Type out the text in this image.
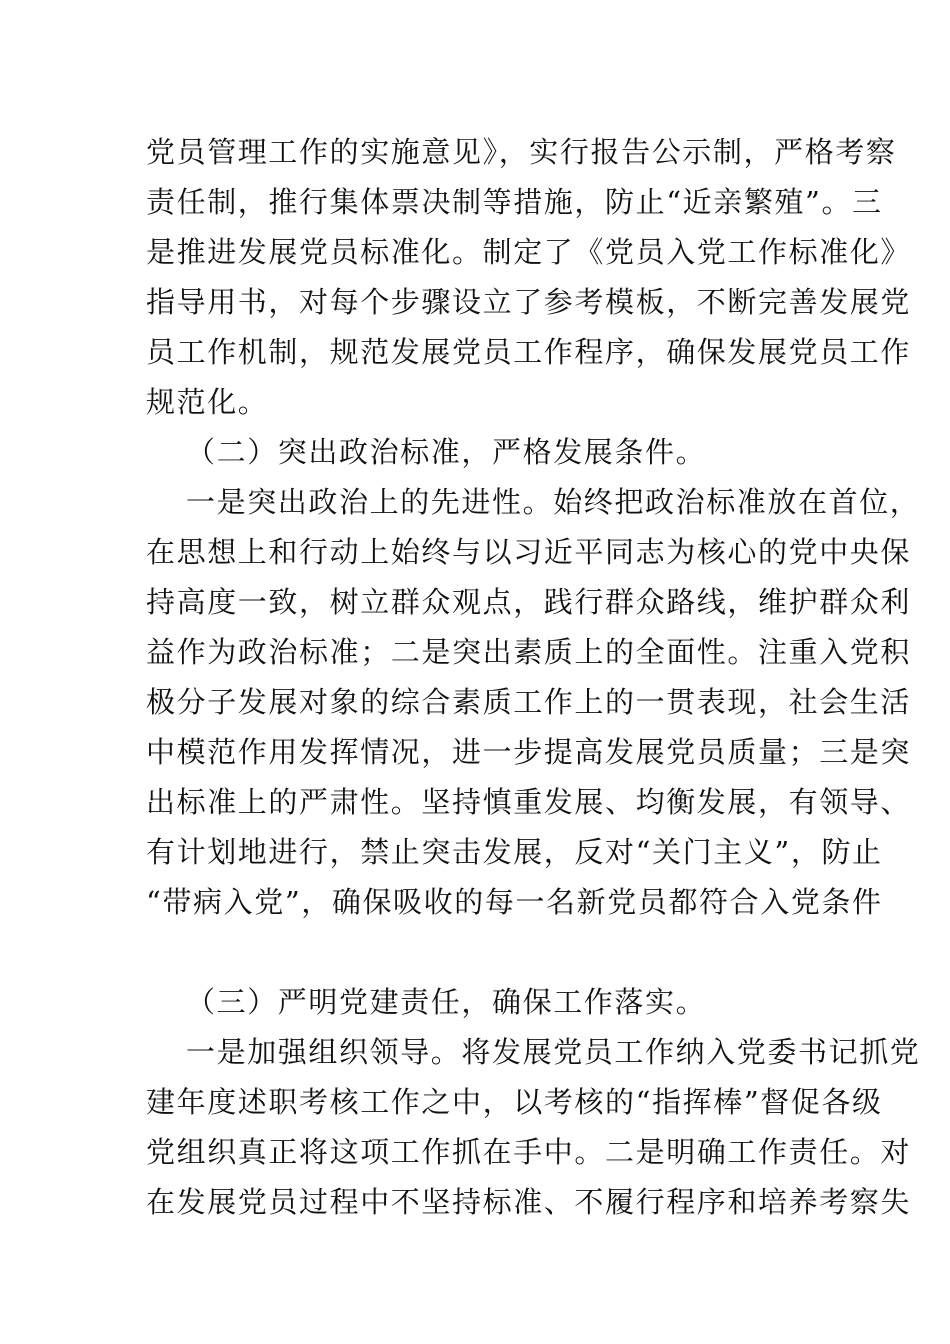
党员管理工作的实施意见》，实行报告公示制，严格考察
责任制，推行集体票决制等措施，防止“近亲繁殖”。三
是推进发展党员标准化。制定了《党员入党工作标准化》
指导用书，对每个步骤设立了参考模板，不断完善发展党
员工作机制，规范发展党员工作程序，确保发展党员工作
规范化。
（二）突出政治标准，严格发展条件。
一是突出政治上的先进性。始终把政治标准放在首位，
在思想上和行动上始终与以习近平同志为核心的党中央保
持高度一致，树立群众观点，践行群众路线，维护群众利
益作为政治标准；二是突出素质上的全面性。注重入党积
极分子发展对象的综合素质工作上的一贯表现，社会生活
中模范作用发挥情况，进一步提高发展党员质量；三是突
出标准上的严肃性。坚持慎重发展、均衡发展，有领导、
有计划地进行，禁止突击发展，反对“关门主义”，防止
“带病入党”，确保吸收的每一名新党员都符合入党条件
（三）严明党建责任，确保工作落实。
一是加强组织领导。将发展党员工作纳入党委书记抓党
建年度述职考核工作之中，以考核的“指挥棒”督促各级
党组织真正将这项工作抓在手中。二是明确工作责任。对
在发展党员过程中不坚持标准、不履行程序和培养考察失
